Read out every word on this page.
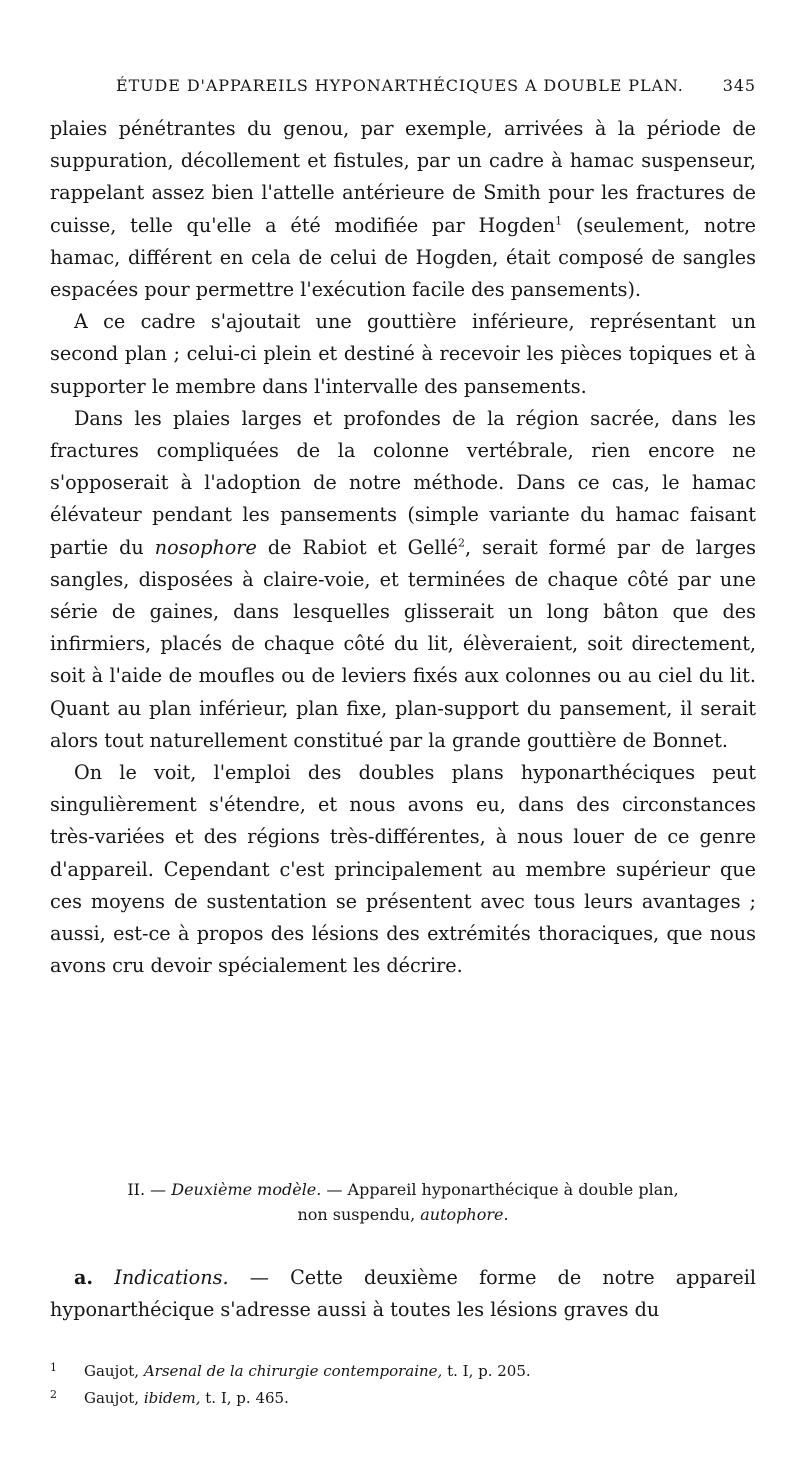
ÉTUDE D'APPAREILS HYPONARTHÉCIQUES A DOUBLE PLAN. 345

plaies pénétrantes du genou, par exemple, arrivées à la période de suppuration, décollement et fistules, par un cadre à hamac suspenseur, rappelant assez bien l'attelle antérieure de Smith pour les fractures de cuisse, telle qu'elle a été modifiée par Hogden$^1$ (seulement, notre hamac, différent en cela de celui de Hogden, était composé de sangles espacées pour permettre l'exécution facile des pansements).

A ce cadre s'ajoutait une gouttière inférieure, représentant un second plan ; celui-ci plein et destiné à recevoir les pièces topiques et à supporter le membre dans l'intervalle des pansements.

Dans les plaies larges et profondes de la région sacrée, dans les fractures compliquées de la colonne vertébrale, rien encore ne s'opposerait à l'adoption de notre méthode. Dans ce cas, le hamac élévateur pendant les pansements (simple variante du hamac faisant partie du nosophore de Rabiot et Gellé$^2$, serait formé par de larges sangles, disposées à claire-voie, et terminées de chaque côté par une série de gaines, dans lesquelles glisserait un long bâton que des infirmiers, placés de chaque côté du lit, élèveraient, soit directement, soit à l'aide de moufles ou de leviers fixés aux colonnes ou au ciel du lit. Quant au plan inférieur, plan fixe, plan-support du pansement, il serait alors tout naturellement constitué par la grande gouttière de Bonnet.

On le voit, l'emploi des doubles plans hyponarthéciques peut singulièrement s'étendre, et nous avons eu, dans des circonstances très-variées et des régions très-différentes, à nous louer de ce genre d'appareil. Cependant c'est principalement au membre supérieur que ces moyens de sustentation se présentent avec tous leurs avantages ; aussi, est-ce à propos des lésions des extrémités thoraciques, que nous avons cru devoir spécialement les décrire.

II. — Deuxième modèle. — Appareil hyponarthécique à double plan,
non suspendu, autophore.

a. Indications. — Cette deuxième forme de notre appareil hyponarthécique s'adresse aussi à toutes les lésions graves du

1 Gaujot, Arsenal de la chirurgie contemporaine, t. I, p. 205.

2 Gaujot, ibidem, t. I, p. 465.
